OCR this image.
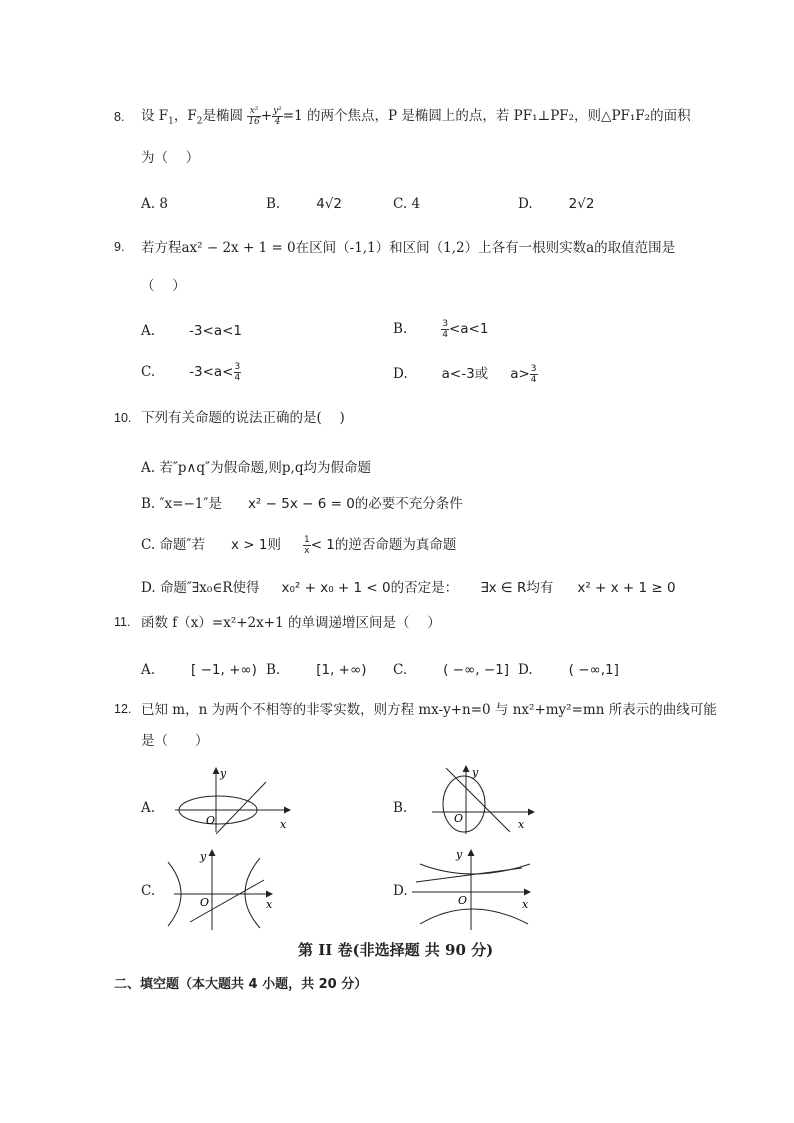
8. 设 $F_1$，$F_2$是椭圆 $\frac{\text{x²}}{16} + \frac{\text{y²}}{4} =1$ 的两个焦点，P 是椭圆上的点，若 PF₁⊥PF₂，则△PF₁F₂的面积
为（　 ）
A. 8	B.	4√2	C. 4	D.	2√2
9. 若方程ax² − 2x + 1 = 0在区间（-1,1）和区间（1,2）上各有一根则实数a的取值范围是
（　 ）
A.	-3<a<1	B.	$\frac{3}{4} <a<1$
C.	$-3<a< \frac{3}{4}$	D.	a<-3或 $a> \frac{3}{4}$
10. 下列有关命题的说法正确的是(　 )
A. 若″p∧q″为假命题,则p,q均为假命题
B. ″x=−1″是 x² − 5x − 6 = 0的必要不充分条件
C. 命题″若 x > 1则 $\frac{1}{x} < 1$的逆否命题为真命题
D. 命题″∃x₀∈R使得 x₀² + x₀ + 1 < 0的否定是： ∃x ∈ R均有 x² + x + 1 ≥ 0
11. 函数 f（x）=x²+2x+1 的单调递增区间是（　 ）
A.	[ −1, +∞) B.	[1, +∞) C.	( −∞, −1] D.	( −∞,1]
12. 已知 m，n 为两个不相等的非零实数，则方程 mx-y+n=0 与 nx²+my²=mn 所表示的曲线可能
是（　　）
A.
y
x
O
B.
y
x
O
C.
y
x
O
D.
y
x
O
第 II 卷(非选择题 共 90 分)
二、填空题（本大题共 4 小题，共 20 分）
